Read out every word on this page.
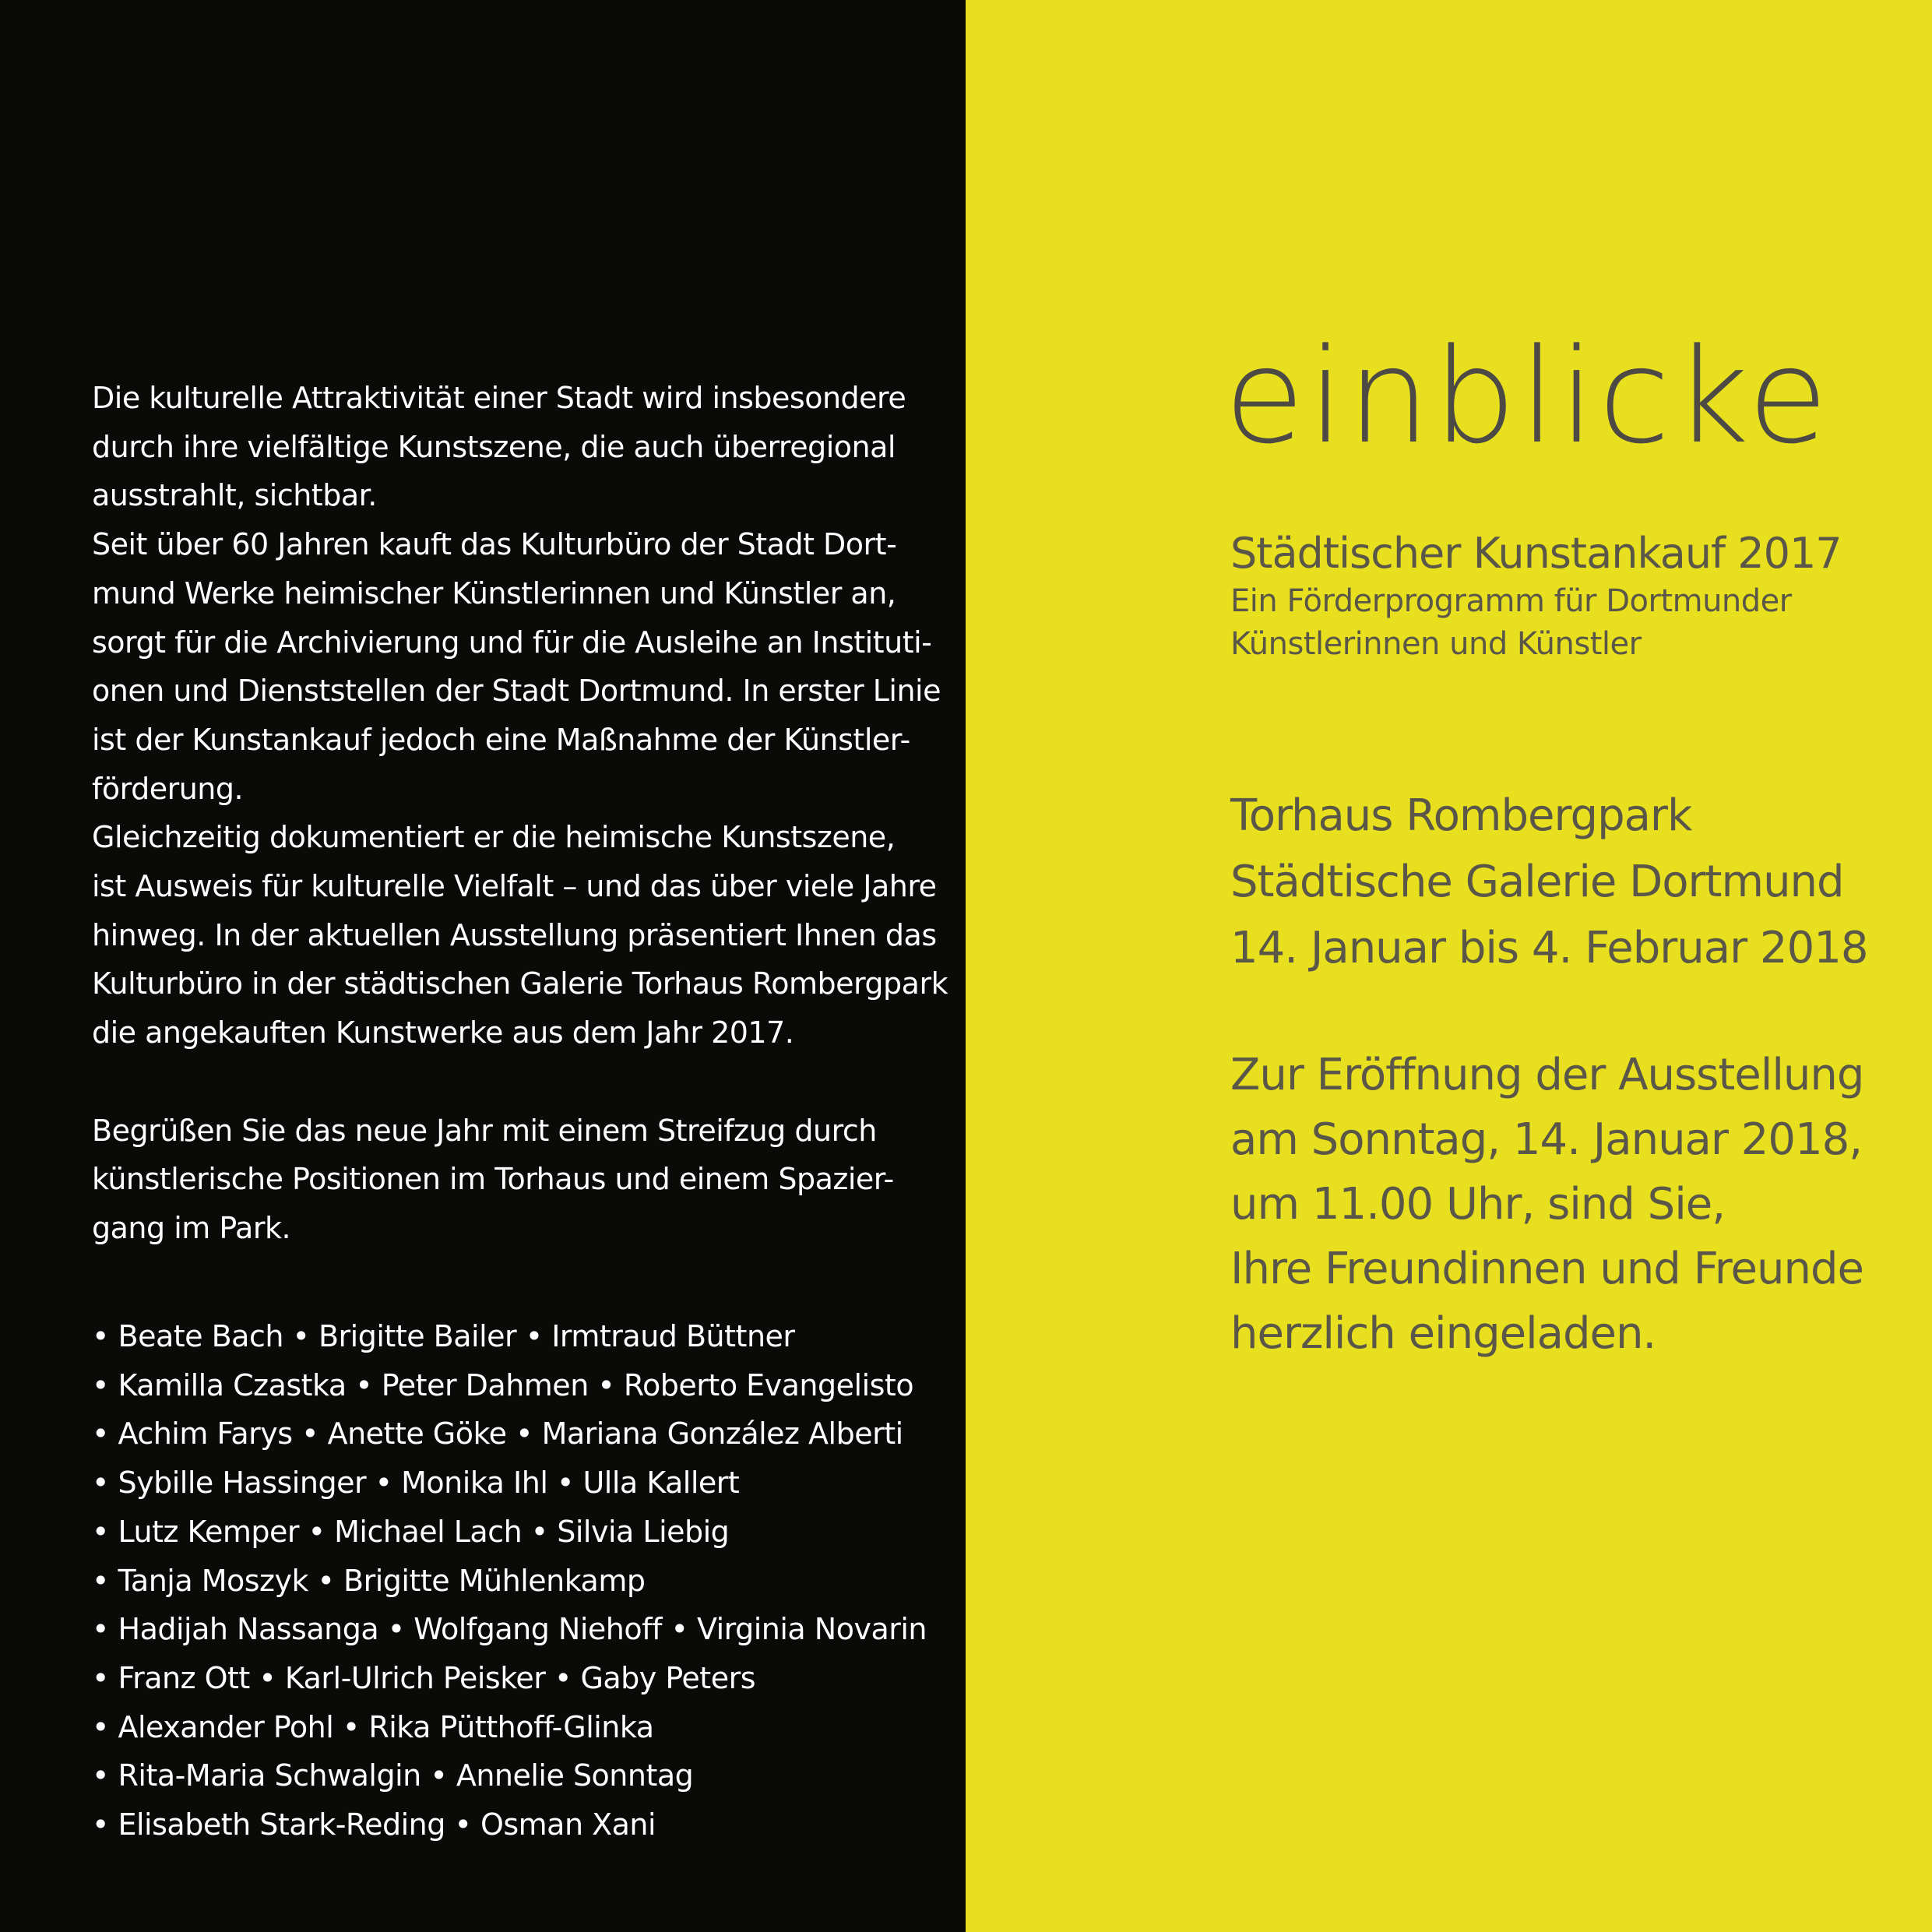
Die kulturelle Attraktivität einer Stadt wird insbesondere

durch ihre vielfältige Kunstszene, die auch überregional

ausstrahlt, sichtbar.

Seit über 60 Jahren kauft das Kulturbüro der Stadt Dort-

mund Werke heimischer Künstlerinnen und Künstler an,

sorgt für die Archivierung und für die Ausleihe an Instituti-

onen und Dienststellen der Stadt Dortmund. In erster Linie

ist der Kunstankauf jedoch eine Maßnahme der Künstler-

förderung.

Gleichzeitig dokumentiert er die heimische Kunstszene,

ist Ausweis für kulturelle Vielfalt – und das über viele Jahre

hinweg. In der aktuellen Ausstellung präsentiert Ihnen das

Kulturbüro in der städtischen Galerie Torhaus Rombergpark

die angekauften Kunstwerke aus dem Jahr 2017.

Begrüßen Sie das neue Jahr mit einem Streifzug durch

künstlerische Positionen im Torhaus und einem Spazier-

gang im Park.

• Beate Bach • Brigitte Bailer • Irmtraud Büttner
• Kamilla Czastka • Peter Dahmen • Roberto Evangelisto
• Achim Farys • Anette Göke • Mariana González Alberti
• Sybille Hassinger • Monika Ihl • Ulla Kallert
• Lutz Kemper • Michael Lach • Silvia Liebig
• Tanja Moszyk • Brigitte Mühlenkamp
• Hadijah Nassanga • Wolfgang Niehoff • Virginia Novarin
• Franz Ott • Karl-Ulrich Peisker • Gaby Peters
• Alexander Pohl • Rika Pütthoff-Glinka
• Rita-Maria Schwalgin • Annelie Sonntag
• Elisabeth Stark-Reding • Osman Xani
einblicke
Städtischer Kunstankauf 2017
Ein Förderprogramm für Dortmunder
Künstlerinnen und Künstler
Torhaus Rombergpark
Städtische Galerie Dortmund
14. Januar bis 4. Februar 2018
Zur Eröffnung der Ausstellung
am Sonntag, 14. Januar 2018,
um 11.00 Uhr, sind Sie,
Ihre Freundinnen und Freunde
herzlich eingeladen.
